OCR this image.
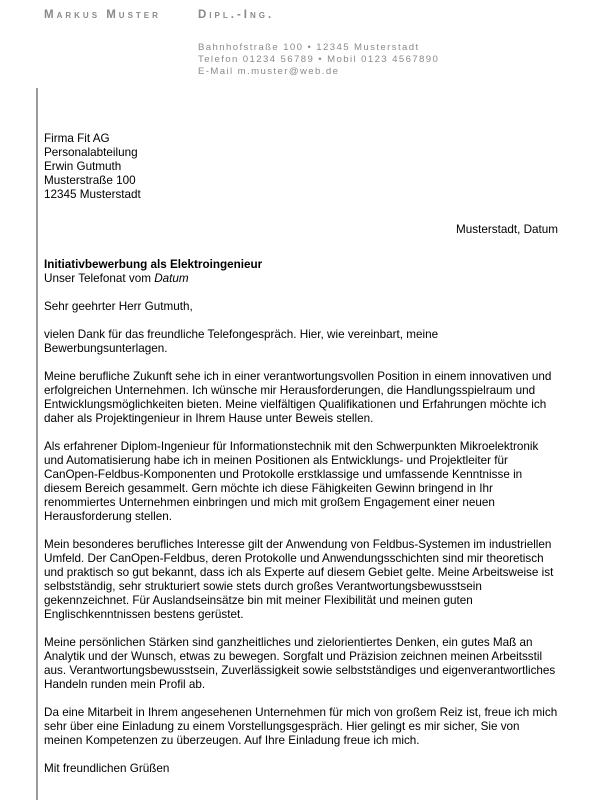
Markus Muster	Dipl.-Ing.
Bahnhofstraße 100 • 12345 Musterstadt
Telefon 01234 56789 • Mobil 0123 4567890
E-Mail m.muster@web.de
Firma Fit AG
Personalabteilung
Erwin Gutmuth
Musterstraße 100
12345 Musterstadt
Musterstadt, Datum
Initiativbewerbung als Elektroingenieur
Unser Telefonat vom Datum

Sehr geehrter Herr Gutmuth,

vielen Dank für das freundliche Telefongespräch. Hier, wie vereinbart, meine Bewerbungsunterlagen.

Meine berufliche Zukunft sehe ich in einer verantwortungsvollen Position in einem innovativen und erfolgreichen Unternehmen. Ich wünsche mir Herausforderungen, die Handlungsspielraum und Entwicklungsmöglichkeiten bieten. Meine vielfältigen Qualifikationen und Erfahrungen möchte ich daher als Projektingenieur in Ihrem Hause unter Beweis stellen.

Als erfahrener Diplom-Ingenieur für Informationstechnik mit den Schwerpunkten Mikroelektronik und Automatisierung habe ich in meinen Positionen als Entwicklungs- und Projektleiter für CanOpen-Feldbus-Komponenten und Protokolle erstklassige und umfassende Kenntnisse in diesem Bereich gesammelt. Gern möchte ich diese Fähigkeiten Gewinn bringend in Ihr renommiertes Unternehmen einbringen und mich mit großem Engagement einer neuen Herausforderung stellen.

Mein besonderes berufliches Interesse gilt der Anwendung von Feldbus-Systemen im industriellen Umfeld. Der CanOpen-Feldbus, deren Protokolle und Anwendungsschichten sind mir theoretisch und praktisch so gut bekannt, dass ich als Experte auf diesem Gebiet gelte. Meine Arbeitsweise ist selbstständig, sehr strukturiert sowie stets durch großes Verantwortungsbewusstsein gekennzeichnet. Für Auslandseinsätze bin mit meiner Flexibilität und meinen guten Englischkenntnissen bestens gerüstet.

Meine persönlichen Stärken sind ganzheitliches und zielorientiertes Denken, ein gutes Maß an Analytik und der Wunsch, etwas zu bewegen. Sorgfalt und Präzision zeichnen meinen Arbeitsstil aus. Verantwortungsbewusstsein, Zuverlässigkeit sowie selbstständiges und eigenverantwortliches Handeln runden mein Profil ab.

Da eine Mitarbeit in Ihrem angesehenen Unternehmen für mich von großem Reiz ist, freue ich mich sehr über eine Einladung zu einem Vorstellungsgespräch. Hier gelingt es mir sicher, Sie von meinen Kompetenzen zu überzeugen. Auf Ihre Einladung freue ich mich.

Mit freundlichen Grüßen
